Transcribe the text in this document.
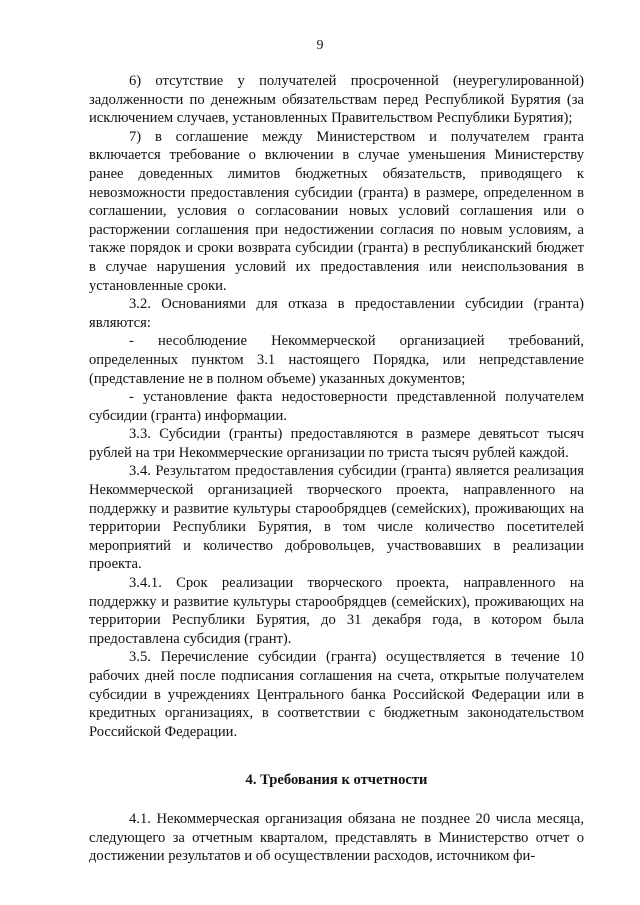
9

6) отсутствие у получателей просроченной (неурегулированной) задолженности по денежным обязательствам перед Республикой Бурятия (за исключением случаев, установленных Правительством Республики Бурятия);

7) в соглашение между Министерством и получателем гранта включается требование о включении в случае уменьшения Министерству ранее доведенных лимитов бюджетных обязательств, приводящего к невозможности предоставления субсидии (гранта) в размере, определенном в соглашении, условия о согласовании новых условий соглашения или о расторжении соглашения при недостижении согласия по новым условиям, а также порядок и сроки возврата субсидии (гранта) в республиканский бюджет в случае нарушения условий их предоставления или неиспользования в установленные сроки.

3.2. Основаниями для отказа в предоставлении субсидии (гранта) являются:

- несоблюдение Некоммерческой организацией требований, определенных пунктом 3.1 настоящего Порядка, или непредставление (представление не в полном объеме) указанных документов;

- установление факта недостоверности представленной получателем субсидии (гранта) информации.

3.3. Субсидии (гранты) предоставляются в размере девятьсот тысяч рублей на три Некоммерческие организации по триста тысяч рублей каждой.

3.4. Результатом предоставления субсидии (гранта) является реализация Некоммерческой организацией творческого проекта, направленного на поддержку и развитие культуры старообрядцев (семейских), проживающих на территории Республики Бурятия, в том числе количество посетителей мероприятий и количество добровольцев, участвовавших в реализации проекта.

3.4.1. Срок реализации творческого проекта, направленного на поддержку и развитие культуры старообрядцев (семейских), проживающих на территории Республики Бурятия, до 31 декабря года, в котором была предоставлена субсидия (грант).

3.5. Перечисление субсидии (гранта) осуществляется в течение 10 рабочих дней после подписания соглашения на счета, открытые получателем субсидии в учреждениях Центрального банка Российской Федерации или в кредитных организациях, в соответствии с бюджетным законодательством Российской Федерации.

4. Требования к отчетности

4.1. Некоммерческая организация обязана не позднее 20 числа месяца, следующего за отчетным кварталом, представлять в Министерство отчет о достижении результатов и об осуществлении расходов, источником фи-
